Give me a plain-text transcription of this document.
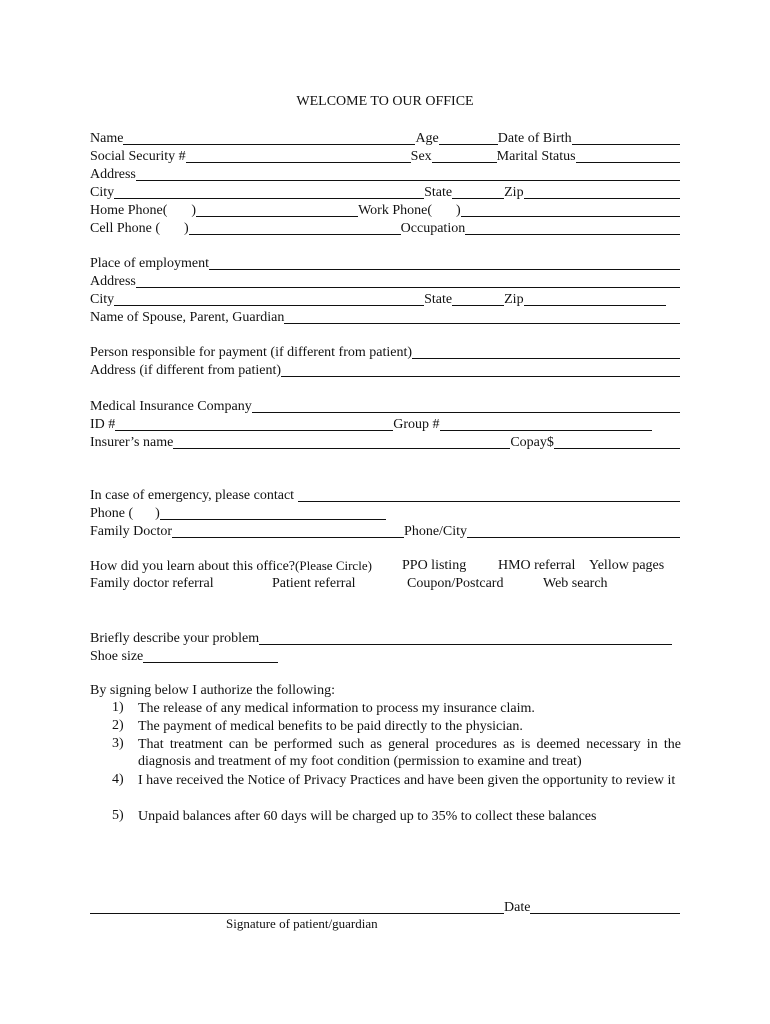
WELCOME TO OUR OFFICE
Name	Age	Date of Birth
Social Security #	Sex	Marital Status
Address
City	State	Zip
Home Phone( )	Work Phone( )
Cell Phone ( )	Occupation
Place of employment
Address
City	State	Zip
Name of Spouse, Parent, Guardian
Person responsible for payment (if different from patient)
Address (if different from patient)
Medical Insurance Company
ID #	Group #
Insurer’s name	Copay$
In case of emergency, please contact
Phone ( )
Family Doctor	Phone/City
How did you learn about this office?(Please Circle) PPO listing HMO referral Yellow pages
Family doctor referral	Patient referral	Coupon/Postcard	Web search
Briefly describe your problem
Shoe size
By signing below I authorize the following:
1)	The release of any medical information to process my insurance claim.
2)	The payment of medical benefits to be paid directly to the physician.
3)	That treatment can be performed such as general procedures as is deemed necessary in the diagnosis and treatment of my foot condition (permission to examine and treat)
4)	I have received the Notice of Privacy Practices and have been given the opportunity to review it
5)	Unpaid balances after 60 days will be charged up to 35% to collect these balances
Date
Signature of patient/guardian
